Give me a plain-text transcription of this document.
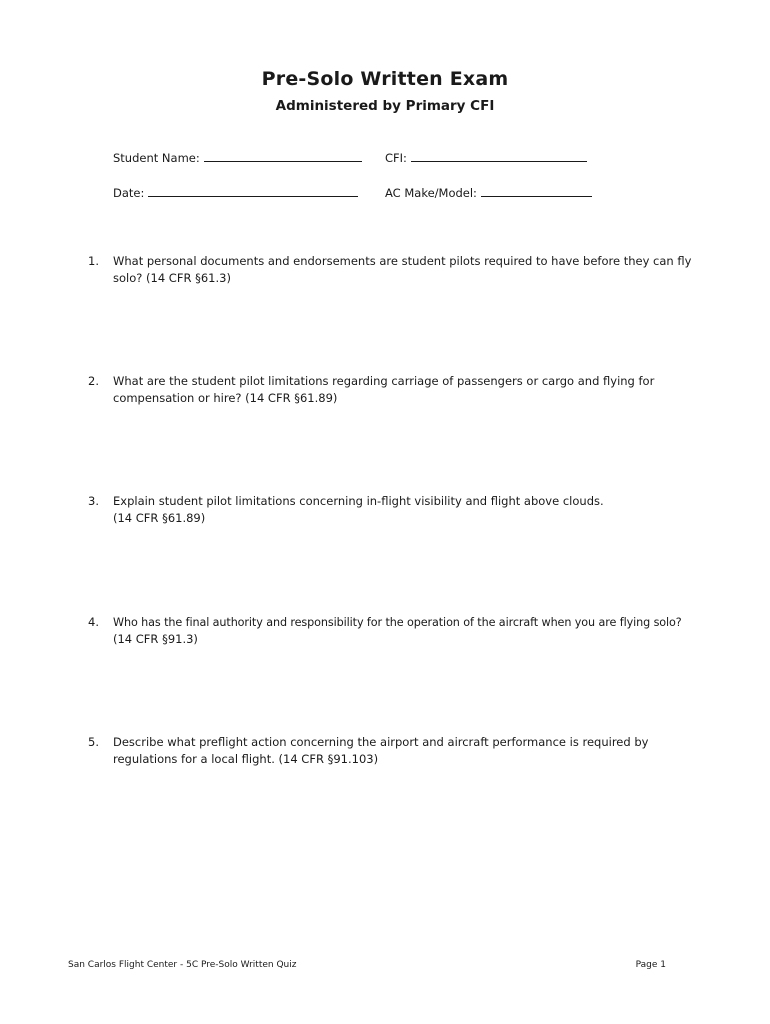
Pre-Solo Written Exam
Administered by Primary CFI
Student Name:	CFI:
Date:	AC Make/Model:
1. What personal documents and endorsements are student pilots required to have before they can fly
solo? (14 CFR §61.3)
2. What are the student pilot limitations regarding carriage of passengers or cargo and flying for
compensation or hire? (14 CFR §61.89)
3. Explain student pilot limitations concerning in-flight visibility and flight above clouds.
(14 CFR §61.89)
4. Who has the final authority and responsibility for the operation of the aircraft when you are flying solo?
(14 CFR §91.3)
5. Describe what preflight action concerning the airport and aircraft performance is required by
regulations for a local flight. (14 CFR §91.103)
San Carlos Flight Center - 5C Pre-Solo Written Quiz	Page 1
